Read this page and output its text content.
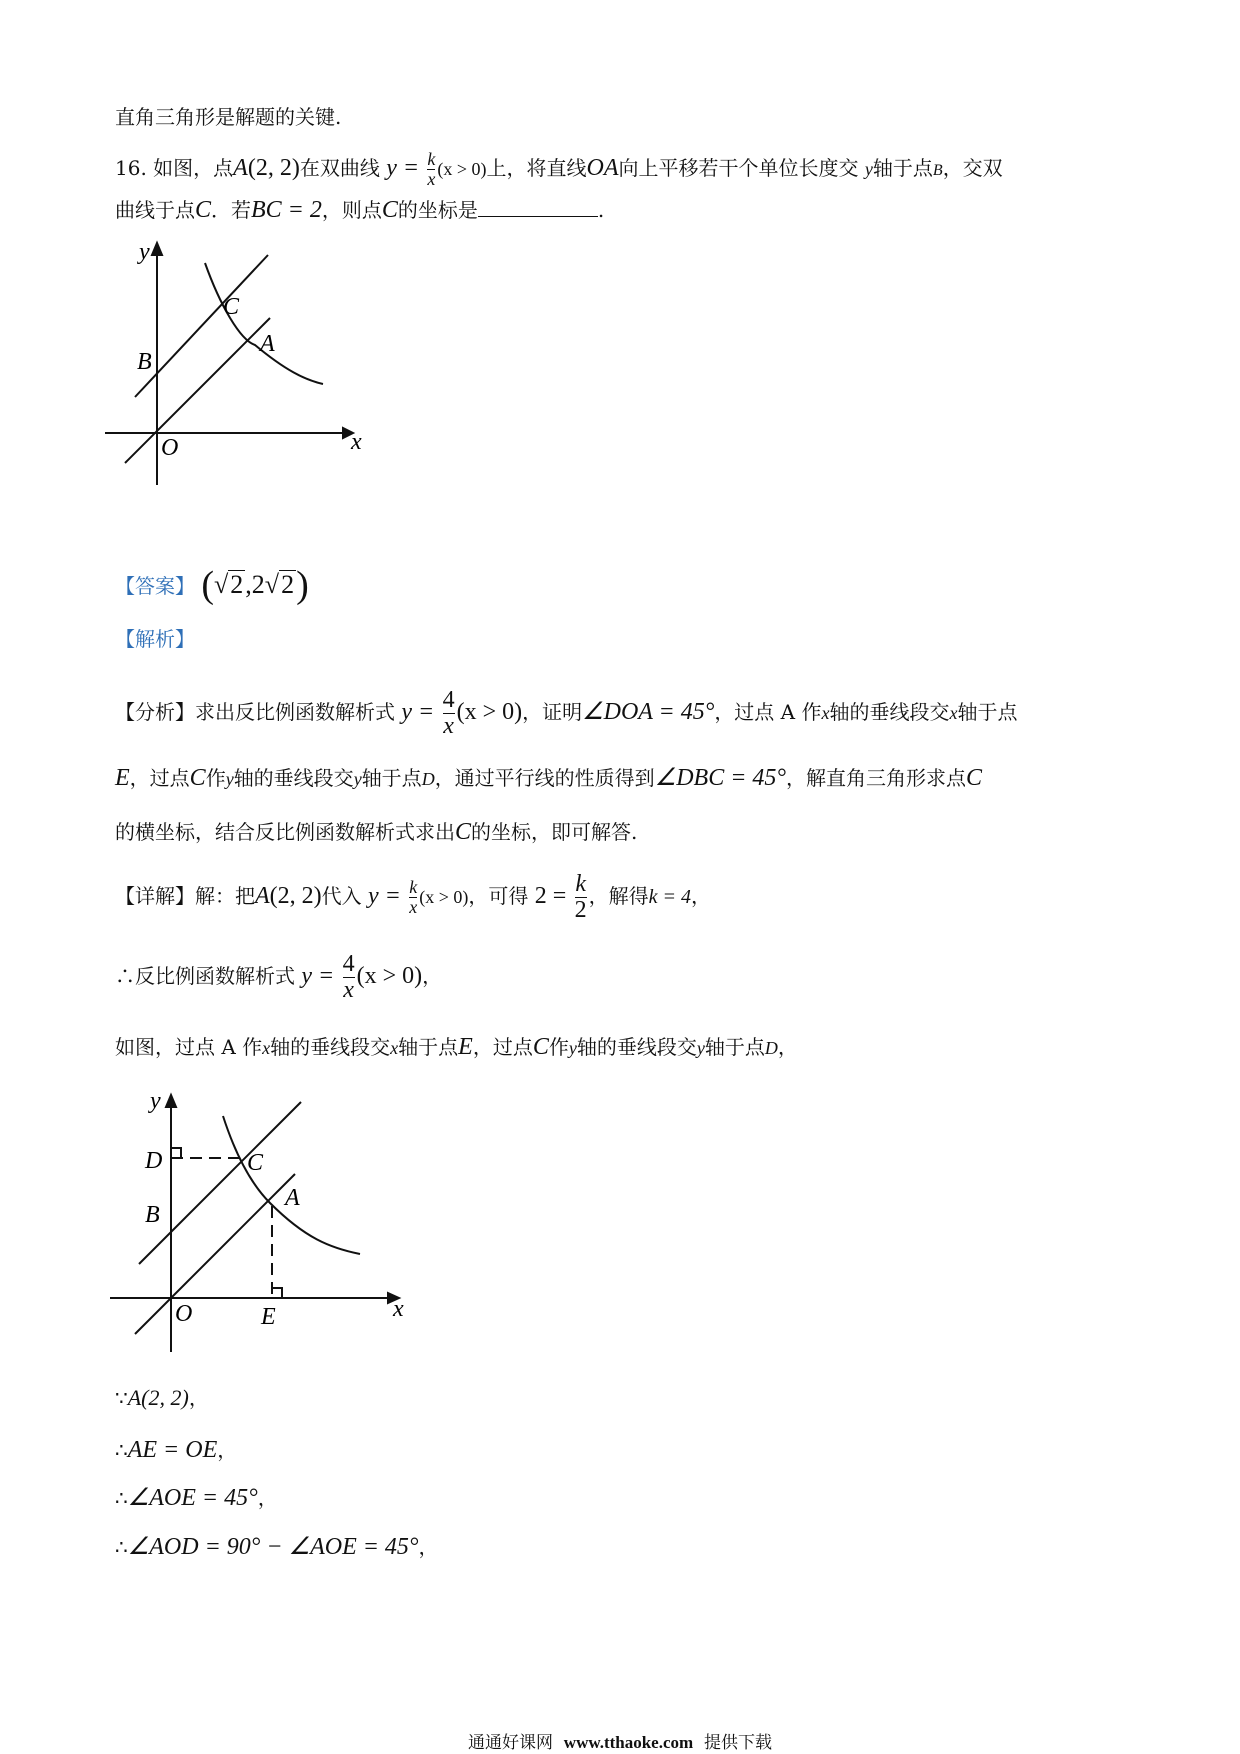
直角三角形是解题的关键.
16. 如图，点A(2, 2)在双曲线 $y = \frac{k}{x} (x > 0)$上，将直线OA向上平移若干个单位长度交 y轴于点B，交双
曲线于点C．若BC = 2，则点C的坐标是	.
y
x
O
A
B
C
【答案】 (√2,2√2)
【解析】
【分析】求出反比例函数解析式 $y = \frac{4}{x} (x > 0)$，证明∠DOA = 45°，过点 A 作x轴的垂线段交x轴于点
E，过点C作y轴的垂线段交y轴于点D，通过平行线的性质得到∠DBC = 45°，解直角三角形求点C
的横坐标，结合反比例函数解析式求出C的坐标，即可解答.
【详解】解：把A(2, 2)代入 $y = \frac{k}{x} (x > 0)$，可得 $2 = \frac{k}{2}$ ，解得k = 4，
∴反比例函数解析式 $y = \frac{4}{x} (x > 0)$，
如图，过点 A 作x轴的垂线段交x轴于点E，过点C作y轴的垂线段交y轴于点D，
y
x
O
A
B
C
D
E
∵A(2, 2)，
∴AE = OE，
∴∠AOE = 45°，
∴∠AOD = 90° − ∠AOE = 45°，
通通好课网 www.tthaoke.com 提供下载
